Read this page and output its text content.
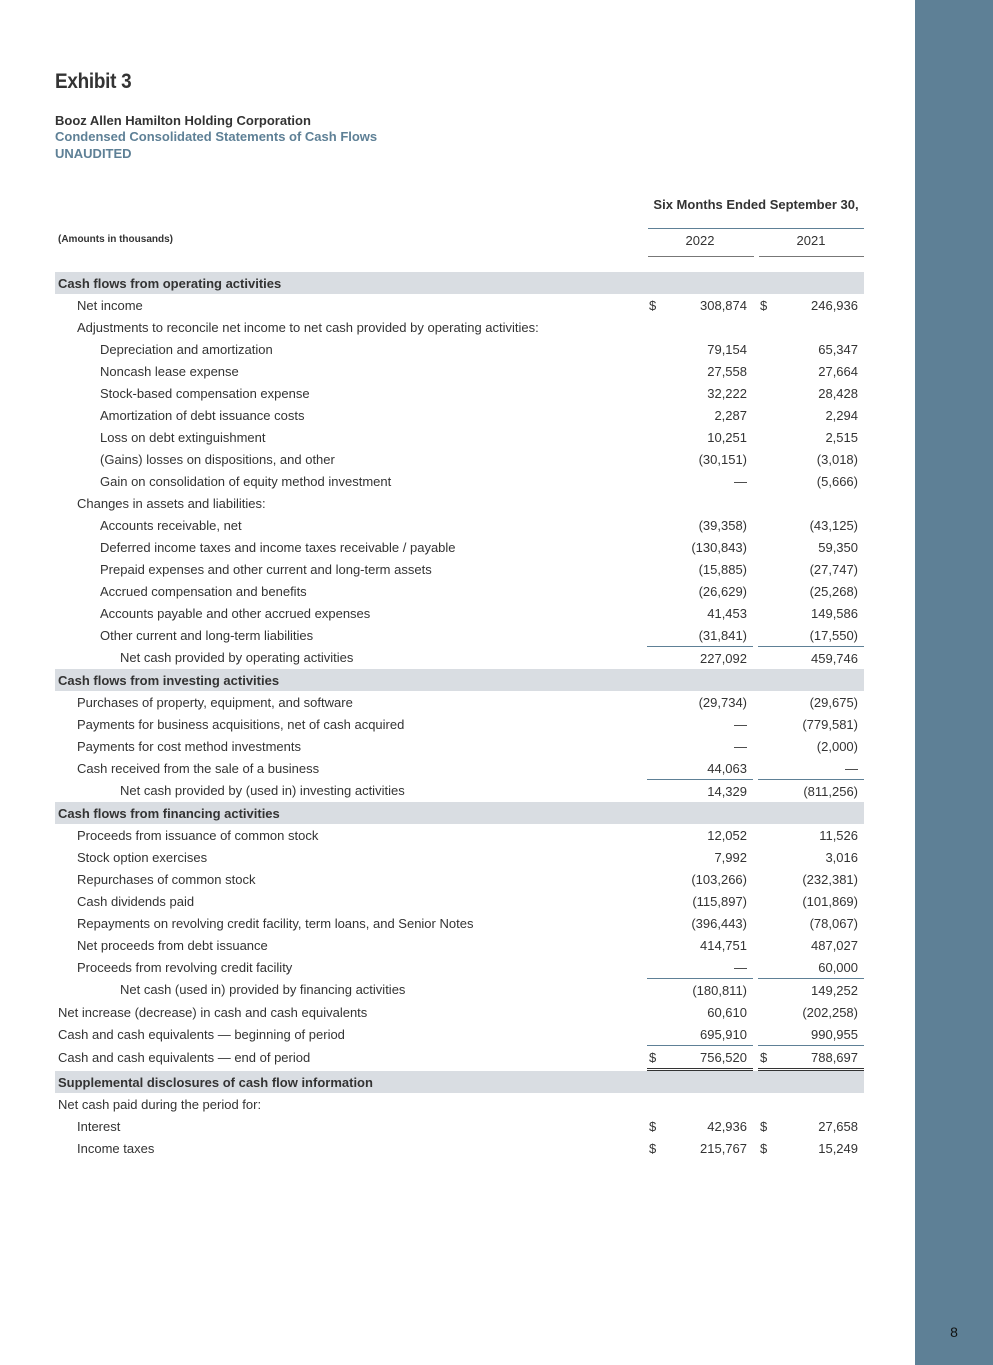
8
Exhibit 3
Booz Allen Hamilton Holding Corporation
Condensed Consolidated Statements of Cash Flows
UNAUDITED
Six Months Ended September 30,
(Amounts in thousands)	2022	2021
Cash flows from operating activities					
Net income	$	308,874		$	246,936
Adjustments to reconcile net income to net cash provided by operating activities:					
Depreciation and amortization		79,154			65,347
Noncash lease expense		27,558			27,664
Stock-based compensation expense		32,222			28,428
Amortization of debt issuance costs		2,287			2,294
Loss on debt extinguishment		10,251			2,515
(Gains) losses on dispositions, and other		(30,151)			(3,018)
Gain on consolidation of equity method investment		—			(5,666)
Changes in assets and liabilities:					
Accounts receivable, net		(39,358)			(43,125)
Deferred income taxes and income taxes receivable / payable		(130,843)			59,350
Prepaid expenses and other current and long-term assets		(15,885)			(27,747)
Accrued compensation and benefits		(26,629)			(25,268)
Accounts payable and other accrued expenses		41,453			149,586
Other current and long-term liabilities		(31,841)			(17,550)
Net cash provided by operating activities		227,092			459,746
Cash flows from investing activities					
Purchases of property, equipment, and software		(29,734)			(29,675)
Payments for business acquisitions, net of cash acquired		—			(779,581)
Payments for cost method investments		—			(2,000)
Cash received from the sale of a business		44,063			—
Net cash provided by (used in) investing activities		14,329			(811,256)
Cash flows from financing activities					
Proceeds from issuance of common stock		12,052			11,526
Stock option exercises		7,992			3,016
Repurchases of common stock		(103,266)			(232,381)
Cash dividends paid		(115,897)			(101,869)
Repayments on revolving credit facility, term loans, and Senior Notes		(396,443)			(78,067)
Net proceeds from debt issuance		414,751			487,027
Proceeds from revolving credit facility		—			60,000
Net cash (used in) provided by financing activities		(180,811)			149,252
Net increase (decrease) in cash and cash equivalents		60,610			(202,258)
Cash and cash equivalents — beginning of period		695,910			990,955
Cash and cash equivalents — end of period	$	756,520		$	788,697
Supplemental disclosures of cash flow information					
Net cash paid during the period for:					
Interest	$	42,936		$	27,658
Income taxes	$	215,767		$	15,249
